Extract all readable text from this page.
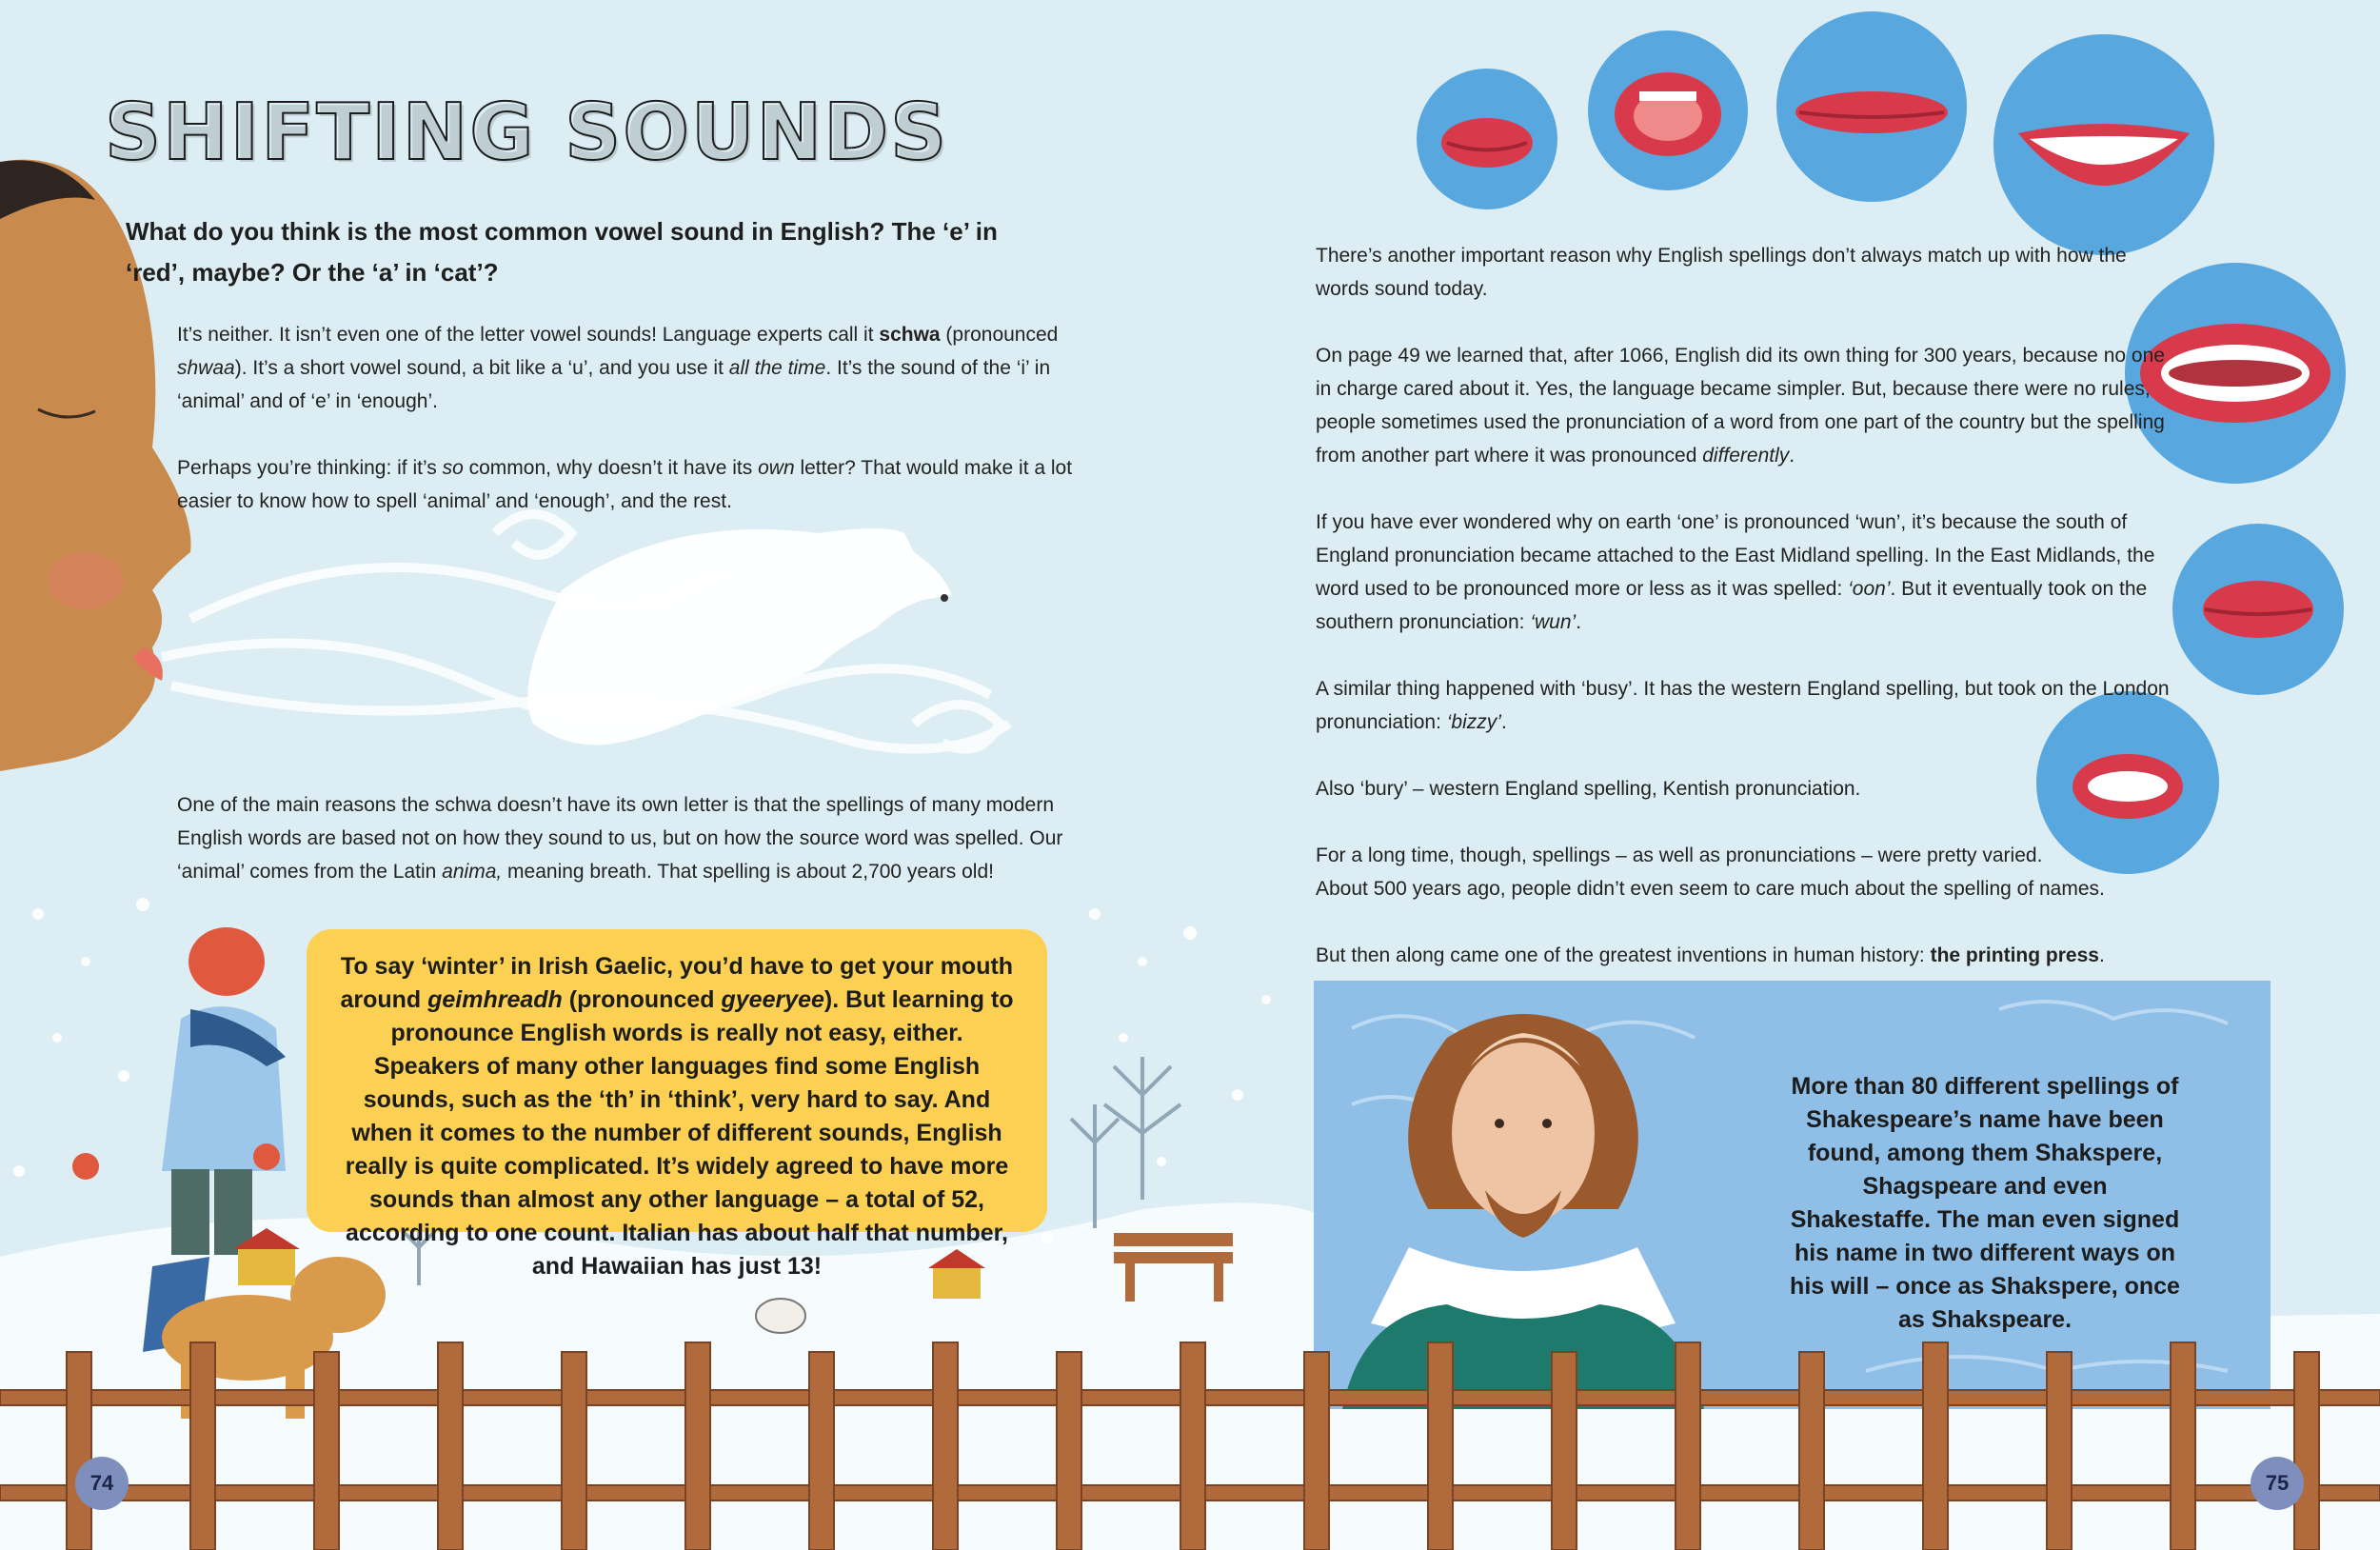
SHIFTING SOUNDS
What do you think is the most common vowel sound in English? The ‘e’ in ‘red’, maybe? Or the ‘a’ in ‘cat’?

It’s neither. It isn’t even one of the letter vowel sounds! Language experts call it schwa (pronounced shwaa). It’s a short vowel sound, a bit like a ‘u’, and you use it all the time. It’s the sound of the ‘i’ in ‘animal’ and of ‘e’ in ‘enough’.

Perhaps you’re thinking: if it’s so common, why doesn’t it have its own letter? That would make it a lot easier to know how to spell ‘animal’ and ‘enough’, and the rest.

One of the main reasons the schwa doesn’t have its own letter is that the spellings of many modern English words are based not on how they sound to us, but on how the source word was spelled. Our ‘animal’ comes from the Latin anima, meaning breath. That spelling is about 2,700 years old!

To say ‘winter’ in Irish Gaelic, you’d have to get your mouth around geimhreadh (pronounced gyeeryee). But learning to pronounce English words is really not easy, either. Speakers of many other languages find some English sounds, such as the ‘th’ in ‘think’, very hard to say. And when it comes to the number of different sounds, English really is quite complicated. It’s widely agreed to have more sounds than almost any other language – a total of 52, according to one count. Italian has about half that number, and Hawaiian has just 13!

There’s another important reason why English spellings don’t always match up with how the words sound today.

On page 49 we learned that, after 1066, English did its own thing for 300 years, because no one in charge cared about it. Yes, the language became simpler. But, because there were no rules, people sometimes used the pronunciation of a word from one part of the country but the spelling from another part where it was pronounced differently.

If you have ever wondered why on earth ‘one’ is pronounced ‘wun’, it’s because the south of England pronunciation became attached to the East Midland spelling. In the East Midlands, the word used to be pronounced more or less as it was spelled: ‘oon’. But it eventually took on the southern pronunciation: ‘wun’.

A similar thing happened with ‘busy’. It has the western England spelling, but took on the London pronunciation: ‘bizzy’.

Also ‘bury’ – western England spelling, Kentish pronunciation.

For a long time, though, spellings – as well as pronunciations – were pretty varied.
About 500 years ago, people didn’t even seem to care much about the spelling of names.

But then along came one of the greatest inventions in human history: the printing press.

More than 80 different spellings of Shakespeare’s name have been found, among them Shakspere, Shagspeare and even Shakestaffe. The man even signed his name in two different ways on his will – once as Shakspere, once as Shakspeare.
74	75
